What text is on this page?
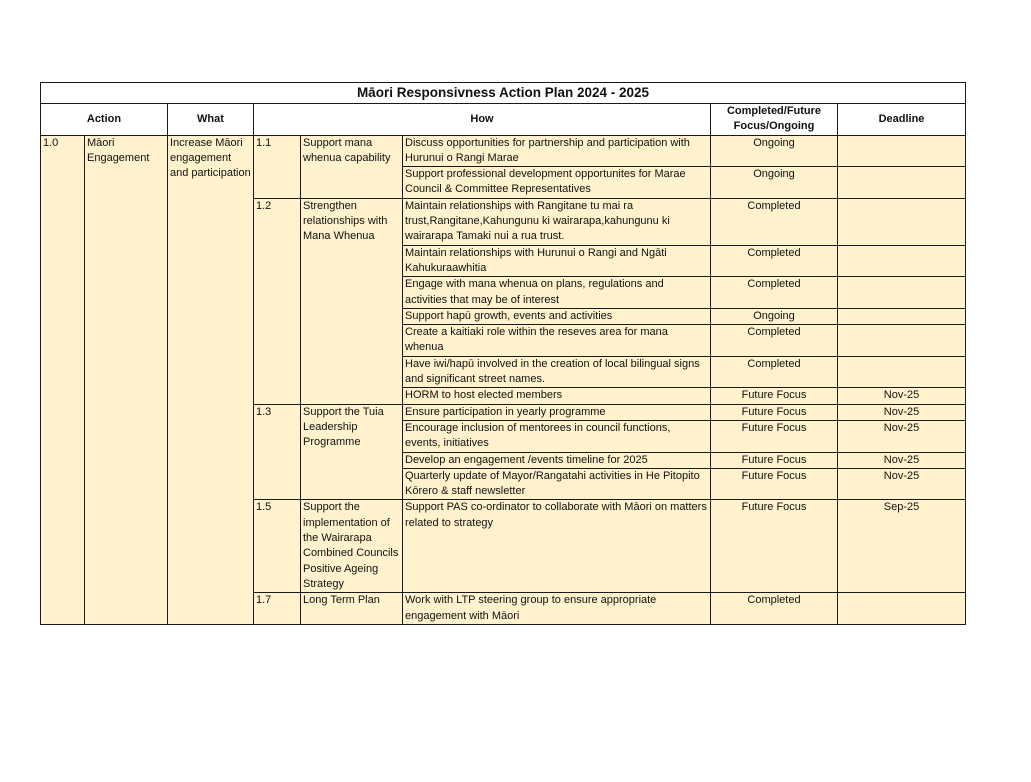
Māori Responsivness Action Plan 2024 - 2025							
Action		What	How			Completed/Future Focus/Ongoing	Deadline
1.0	Māori Engagement	Increase Māori engagement and participation	1.1	Support mana whenua capability	Discuss opportunities for partnership and participation with Hurunui o Rangi Marae	Ongoing	
					Support professional development opportunites for Marae Council & Committee Representatives	Ongoing	
			1.2	Strengthen relationships with Mana Whenua	Maintain relationships with Rangitane tu mai ra trust,Rangitane,Kahungunu ki wairarapa,kahungunu ki wairarapa Tamaki nui a rua trust.	Completed	
					Maintain relationships with Hurunui o Rangi and Ngāti Kahukuraawhitia	Completed	
					Engage with mana whenua on plans, regulations and activities that may be of interest	Completed	
					Support hapū growth, events and activities	Ongoing	
					Create a kaitiaki role within the reseves area for mana whenua	Completed	
					Have iwi/hapū involved in the creation of local bilingual signs and significant street names.	Completed	
					HORM to host elected members	Future Focus	Nov-25
			1.3	Support the Tuia Leadership Programme	Ensure participation in yearly programme	Future Focus	Nov-25
					Encourage inclusion of mentorees in council functions, events, initiatives	Future Focus	Nov-25
					Develop an engagement /events timeline for 2025	Future Focus	Nov-25
					Quarterly update of Mayor/Rangatahi activities in He Pitopito Kōrero & staff newsletter	Future Focus	Nov-25
			1.5	Support the implementation of the Wairarapa Combined Councils Positive Ageing Strategy	Support PAS co-ordinator to collaborate with Māori on matters related to strategy	Future Focus	Sep-25
			1.7	Long Term Plan	Work with LTP steering group to ensure appropriate engagement with Māori	Completed	
